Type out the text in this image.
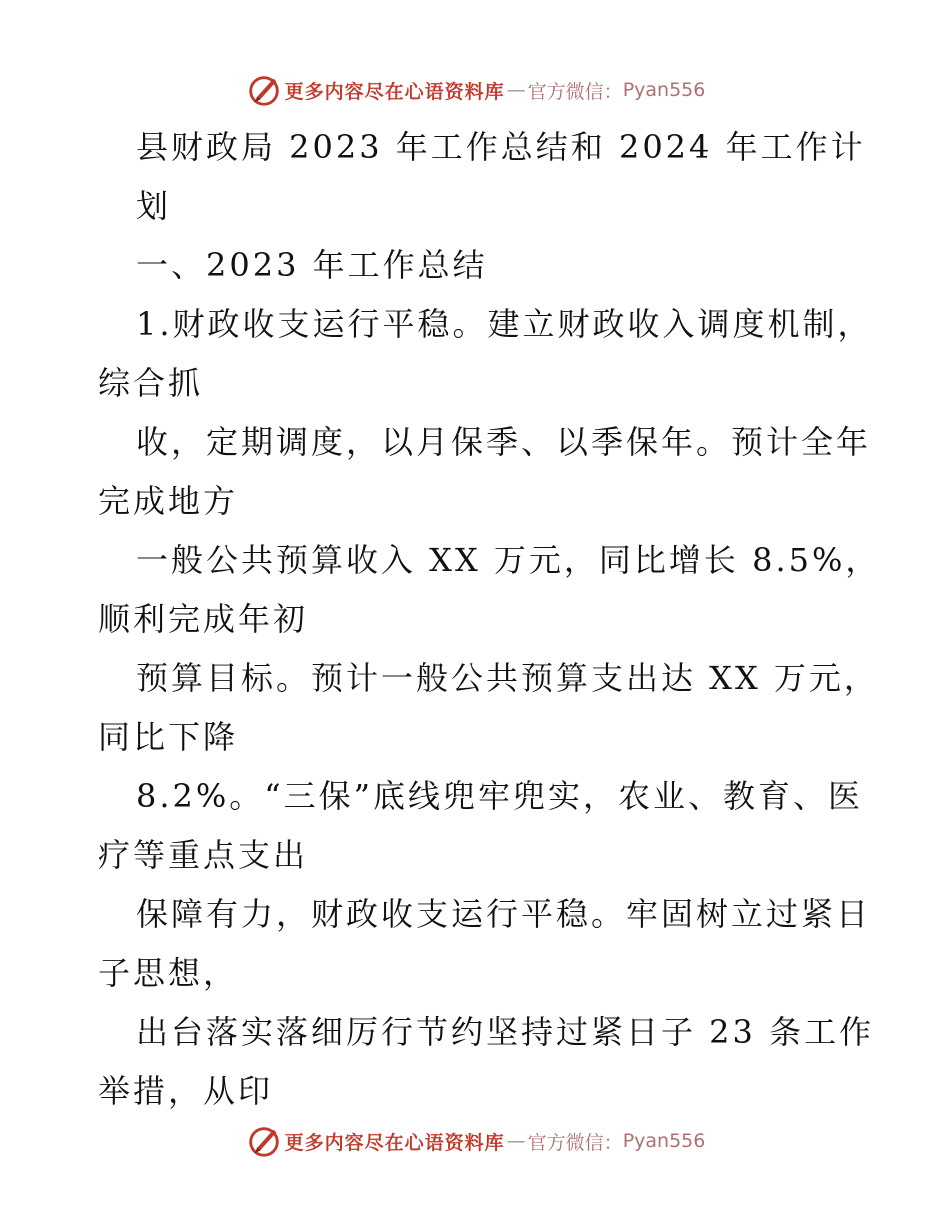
更多内容尽在心语资料库 — 官方微信： Pyan556
县财政局 2023 年工作总结和 2024 年工作计
划
一、2023 年工作总结
1.财政收支运行平稳。建立财政收入调度机制，
综合抓
收，定期调度，以月保季、以季保年。预计全年
完成地方
一般公共预算收入 XX 万元，同比增长 8.5%，
顺利完成年初
预算目标。预计一般公共预算支出达 XX 万元，
同比下降
8.2%。“三保”底线兜牢兜实，农业、教育、医
疗等重点支出
保障有力，财政收支运行平稳。牢固树立过紧日
子思想，
出台落实落细厉行节约坚持过紧日子 23 条工作
举措，从印
更多内容尽在心语资料库 — 官方微信： Pyan556
